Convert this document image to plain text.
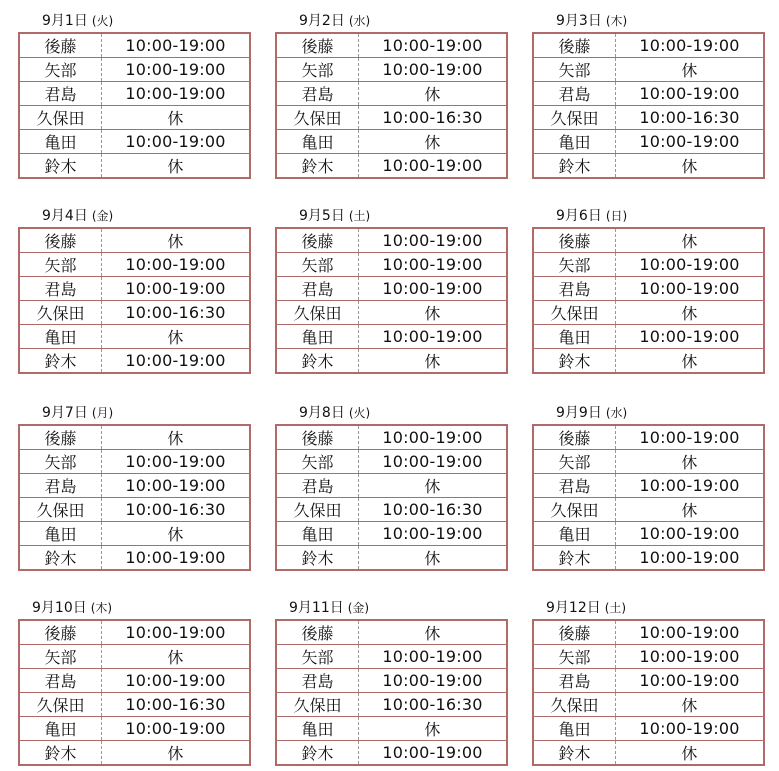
9月1日 (火)
後藤	10:00-19:00
矢部	10:00-19:00
君島	10:00-19:00
久保田	休
亀田	10:00-19:00
鈴木	休
9月2日 (水)
後藤	10:00-19:00
矢部	10:00-19:00
君島	休
久保田	10:00-16:30
亀田	休
鈴木	10:00-19:00
9月3日 (木)
後藤	10:00-19:00
矢部	休
君島	10:00-19:00
久保田	10:00-16:30
亀田	10:00-19:00
鈴木	休
9月4日 (金)
後藤	休
矢部	10:00-19:00
君島	10:00-19:00
久保田	10:00-16:30
亀田	休
鈴木	10:00-19:00
9月5日 (土)
後藤	10:00-19:00
矢部	10:00-19:00
君島	10:00-19:00
久保田	休
亀田	10:00-19:00
鈴木	休
9月6日 (日)
後藤	休
矢部	10:00-19:00
君島	10:00-19:00
久保田	休
亀田	10:00-19:00
鈴木	休
9月7日 (月)
後藤	休
矢部	10:00-19:00
君島	10:00-19:00
久保田	10:00-16:30
亀田	休
鈴木	10:00-19:00
9月8日 (火)
後藤	10:00-19:00
矢部	10:00-19:00
君島	休
久保田	10:00-16:30
亀田	10:00-19:00
鈴木	休
9月9日 (水)
後藤	10:00-19:00
矢部	休
君島	10:00-19:00
久保田	休
亀田	10:00-19:00
鈴木	10:00-19:00
9月10日 (木)
後藤	10:00-19:00
矢部	休
君島	10:00-19:00
久保田	10:00-16:30
亀田	10:00-19:00
鈴木	休
9月11日 (金)
後藤	休
矢部	10:00-19:00
君島	10:00-19:00
久保田	10:00-16:30
亀田	休
鈴木	10:00-19:00
9月12日 (土)
後藤	10:00-19:00
矢部	10:00-19:00
君島	10:00-19:00
久保田	休
亀田	10:00-19:00
鈴木	休
